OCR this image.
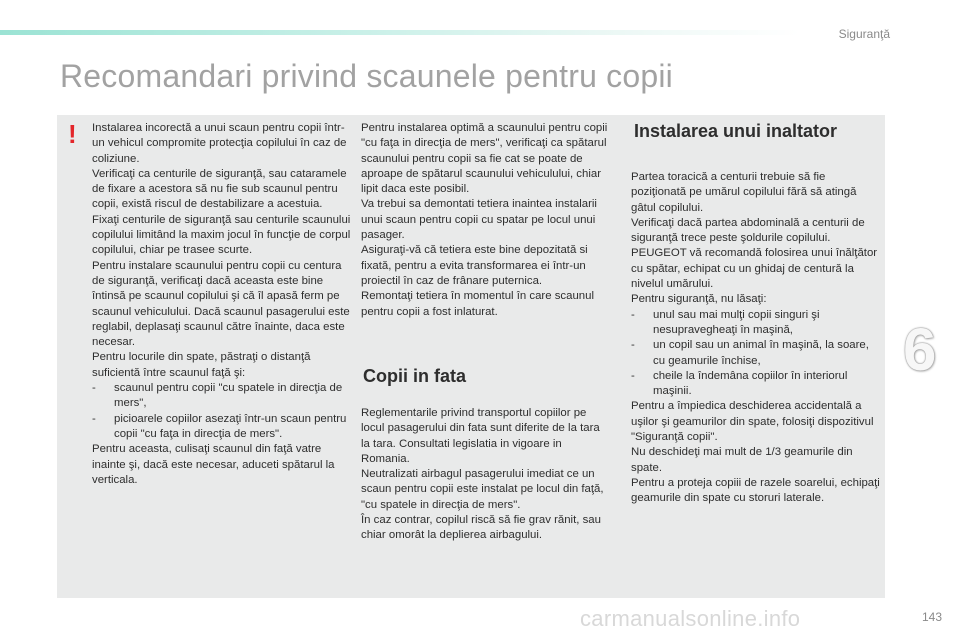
Siguranţă
Recomandari privind scaunele pentru copii
! Instalarea incorectă a unui scaun pentru copii într-un vehicul compromite protecţia copilului în caz de coliziune.

Verificaţi ca centurile de siguranţă, sau cataramele de fixare a acestora să nu fie sub scaunul pentru copii, există riscul de destabilizare a acestuia.

Fixaţi centurile de siguranţă sau centurile scaunului copilului limitând la maxim jocul în funcţie de corpul copilului, chiar pe trasee scurte.

Pentru instalare scaunului pentru copii cu centura de siguranţă, verificaţi dacă aceasta este bine întinsă pe scaunul copilului şi că îl apasă ferm pe scaunul vehiculului. Dacă scaunul pasagerului este reglabil, deplasaţi scaunul către înainte, daca este necesar.

Pentru locurile din spate, păstraţi o distanţă suficientă între scaunul faţă şi:

- scaunul pentru copii "cu spatele in direcţia de mers",

- picioarele copiilor asezaţi într-un scaun pentru copii "cu faţa in direcţia de mers".

Pentru aceasta, culisaţi scaunul din faţă vatre inainte şi, dacă este necesar, aduceti spătarul la verticala.

Pentru instalarea optimă a scaunului pentru copii "cu faţa in direcţia de mers", verificaţi ca spătarul scaunului pentru copii sa fie cat se poate de aproape de spătarul scaunului vehiculului, chiar lipit daca este posibil.

Va trebui sa demontati tetiera inaintea instalarii unui scaun pentru copii cu spatar pe locul unui pasager.

Asiguraţi-vă că tetiera este bine depozitată si fixată, pentru a evita transformarea ei într-un proiectil în caz de frânare puternica.

Remontaţi tetiera în momentul în care scaunul pentru copii a fost inlaturat.

Copii in fata

Reglementarile privind transportul copiilor pe locul pasagerului din fata sunt diferite de la tara la tara. Consultati legislatia in vigoare in Romania.

Neutralizati airbagul pasagerului imediat ce un scaun pentru copii este instalat pe locul din faţă, "cu spatele in direcţia de mers".

În caz contrar, copilul riscă să fie grav rănit, sau chiar omorât la deplierea airbagului.

Instalarea unui inaltator

Partea toracică a centurii trebuie să fie poziţionată pe umărul copilului fără să atingă gâtul copilului.

Verificaţi dacă partea abdominală a centurii de siguranţă trece peste şoldurile copilului.

PEUGEOT vă recomandă folosirea unui înălţător cu spătar, echipat cu un ghidaj de centură la nivelul umărului.

Pentru siguranţă, nu lăsaţi:

- unul sau mai mulţi copii singuri şi nesupravegheaţi în maşină,

- un copil sau un animal în maşină, la soare, cu geamurile închise,

- cheile la îndemâna copiilor în interiorul maşinii.

Pentru a împiedica deschiderea accidentală a uşilor şi geamurilor din spate, folosiţi dispozitivul "Siguranţă copii".

Nu deschideţi mai mult de 1/3 geamurile din spate.

Pentru a proteja copiii de razele soarelui, echipaţi geamurile din spate cu storuri laterale.

6
carmanualsonline.info	143
